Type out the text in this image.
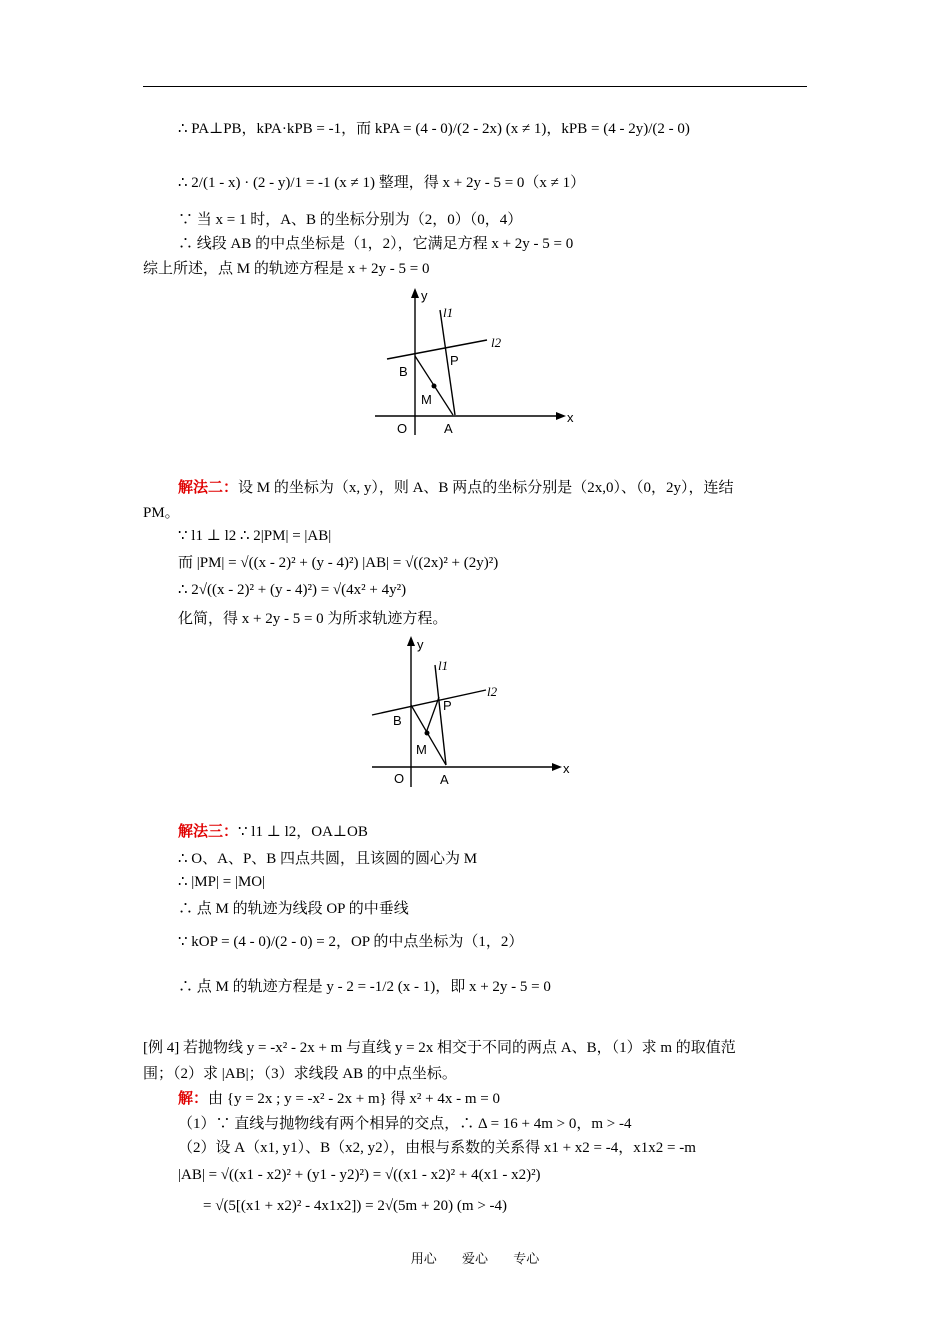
∴ PA⊥PB，kPA·kPB = -1，而 kPA = (4 - 0)/(2 - 2x) (x ≠ 1)，kPB = (4 - 2y)/(2 - 0)
∴ 2/(1 - x) · (2 - y)/1 = -1 (x ≠ 1) 整理，得 x + 2y - 5 = 0（x ≠ 1）
∵ 当 x = 1 时，A、B 的坐标分别为（2，0）（0，4）
∴ 线段 AB 的中点坐标是（1，2），它满足方程 x + 2y - 5 = 0
综上所述，点 M 的轨迹方程是 x + 2y - 5 = 0
y
x
O	A
B
P
M
l1
l2
解法二：设 M 的坐标为（x, y），则 A、B 两点的坐标分别是（2x,0）、（0，2y），连结
PM。
∵ l1 ⊥ l2 ∴ 2|PM| = |AB|
而 |PM| = √((x - 2)² + (y - 4)²) |AB| = √((2x)² + (2y)²)
∴ 2√((x - 2)² + (y - 4)²) = √(4x² + 4y²)
化简，得 x + 2y - 5 = 0 为所求轨迹方程。
y
x
O	A
B
P
M
l1
l2
解法三：∵ l1 ⊥ l2，OA⊥OB
∴ O、A、P、B 四点共圆，且该圆的圆心为 M
∴ |MP| = |MO|
∴ 点 M 的轨迹为线段 OP 的中垂线
∵ kOP = (4 - 0)/(2 - 0) = 2，OP 的中点坐标为（1，2）
∴ 点 M 的轨迹方程是 y - 2 = -1/2 (x - 1)，即 x + 2y - 5 = 0
[例 4] 若抛物线 y = -x² - 2x + m 与直线 y = 2x 相交于不同的两点 A、B，（1）求 m 的取值范
围；（2）求 |AB|；（3）求线段 AB 的中点坐标。
解：由 {y = 2x ; y = -x² - 2x + m} 得 x² + 4x - m = 0
（1）∵ 直线与抛物线有两个相异的交点，∴ Δ = 16 + 4m > 0，m > -4
（2）设 A（x1, y1）、B（x2, y2），由根与系数的关系得 x1 + x2 = -4，x1x2 = -m
|AB| = √((x1 - x2)² + (y1 - y2)²) = √((x1 - x2)² + 4(x1 - x2)²)
= √(5[(x1 + x2)² - 4x1x2]) = 2√(5m + 20) (m > -4)
用心 爱心 专心
